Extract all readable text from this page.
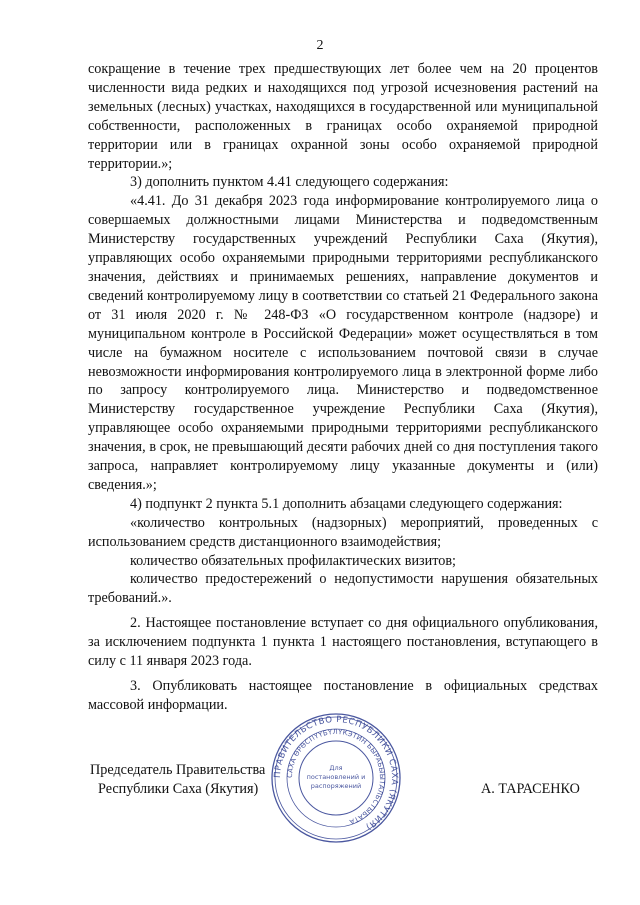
2

сокращение в течение трех предшествующих лет более чем на 20 процентов численности вида редких и находящихся под угрозой исчезновения растений на земельных (лесных) участках, находящихся в государственной или муниципальной собственности, расположенных в границах особо охраняемой природной территории или в границах охранной зоны особо охраняемой природной территории.»;

3) дополнить пунктом 4.41 следующего содержания:

«4.41. До 31 декабря 2023 года информирование контролируемого лица о совершаемых должностными лицами Министерства и подведомственным Министерству государственных учреждений Республики Саха (Якутия), управляющих особо охраняемыми природными территориями республиканского значения, действиях и принимаемых решениях, направление документов и сведений контролируемому лицу в соответствии со статьей 21 Федерального закона от 31 июля 2020 г. № 248-ФЗ «О государственном контроле (надзоре) и муниципальном контроле в Российской Федерации» может осуществляться в том числе на бумажном носителе с использованием почтовой связи в случае невозможности информирования контролируемого лица в электронной форме либо по запросу контролируемого лица. Министерство и подведомственное Министерству государственное учреждение Республики Саха (Якутия), управляющее особо охраняемыми природными территориями республиканского значения, в срок, не превышающий десяти рабочих дней со дня поступления такого запроса, направляет контролируемому лицу указанные документы и (или) сведения.»;

4) подпункт 2 пункта 5.1 дополнить абзацами следующего содержания:

«количество контрольных (надзорных) мероприятий, проведенных с использованием средств дистанционного взаимодействия;

количество обязательных профилактических визитов;

количество предостережений о недопустимости нарушения обязательных требований.».

2. Настоящее постановление вступает со дня официального опубликования, за исключением подпункта 1 пункта 1 настоящего постановления, вступающего в силу с 11 января 2023 года.

3. Опубликовать настоящее постановление в официальных средствах массовой информации.

Председатель Правительства
Республики Саха (Якутия)	А. ТАРАСЕНКО
ПРАВИТЕЛЬСТВО РЕСПУБЛИКИ САХА (ЯКУТИЯ)
САХА ӨРӨСПҮҮБҮЛҮКЭТИН БЫРАБЫЫТАЛЬСТЫБАТА
Для
постановлений и
распоряжений
